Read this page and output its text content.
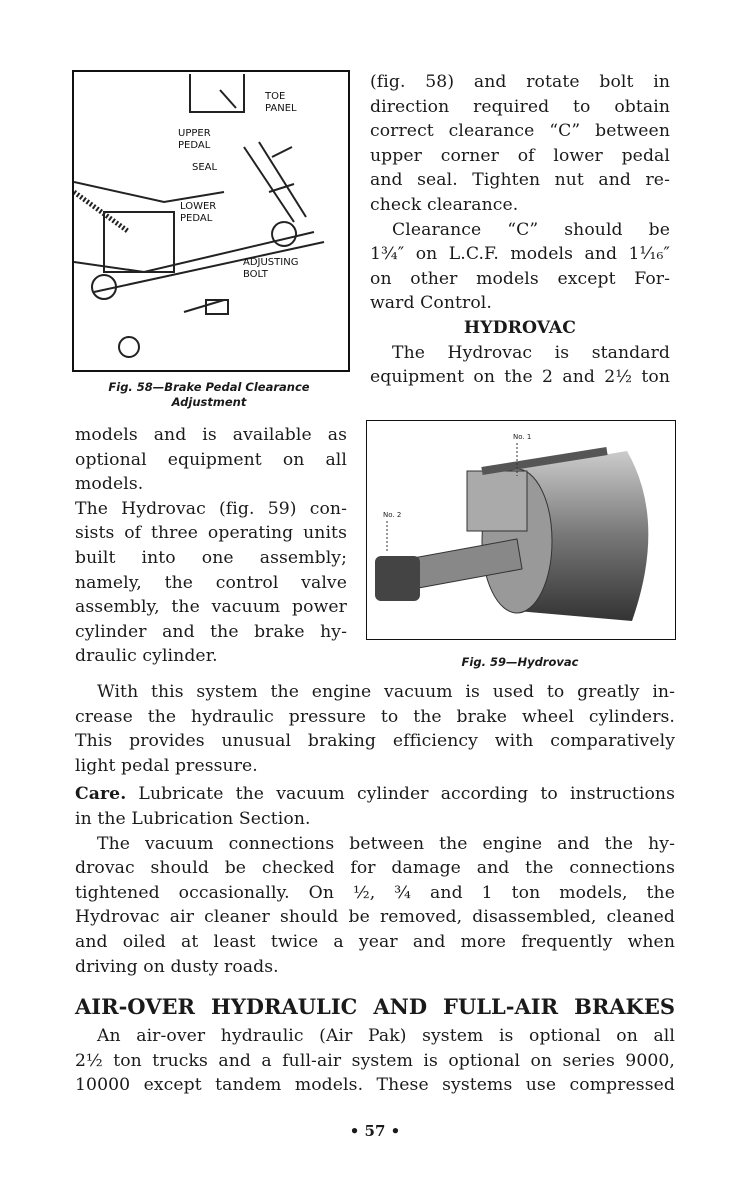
TOE
PANEL
UPPER
PEDAL
SEAL
LOWER
PEDAL
ADJUSTING
BOLT
Fig. 58—Brake Pedal Clearance
Adjustment
No. 1
No. 2
Fig. 59—Hydrovac
(fig. 58) and rotate bolt in
direction required to obtain
correct clearance “C” between
upper corner of lower pedal
and seal. Tighten nut and re-
check clearance.
Clearance “C” should be
1¾″ on L.C.F. models and 1¹⁄₁₆″
on other models except For-
ward Control.
HYDROVAC
The Hydrovac is standard
equipment on the 2 and 2½ ton
models and is available as
optional equipment on all
models.
The Hydrovac (fig. 59) con-
sists of three operating units
built into one assembly;
namely, the control valve
assembly, the vacuum power
cylinder and the brake hy-
draulic cylinder.
With this system the engine vacuum is used to greatly in-
crease the hydraulic pressure to the brake wheel cylinders.
This provides unusual braking efficiency with comparatively
light pedal pressure.
Care. Lubricate the vacuum cylinder according to instructions
in the Lubrication Section.
The vacuum connections between the engine and the hy-
drovac should be checked for damage and the connections
tightened occasionally. On ½, ¾ and 1 ton models, the
Hydrovac air cleaner should be removed, disassembled, cleaned
and oiled at least twice a year and more frequently when
driving on dusty roads.
AIR-OVER HYDRAULIC AND FULL-AIR BRAKES
An air-over hydraulic (Air Pak) system is optional on all
2½ ton trucks and a full-air system is optional on series 9000,
10000 except tandem models. These systems use compressed
• 57 •
